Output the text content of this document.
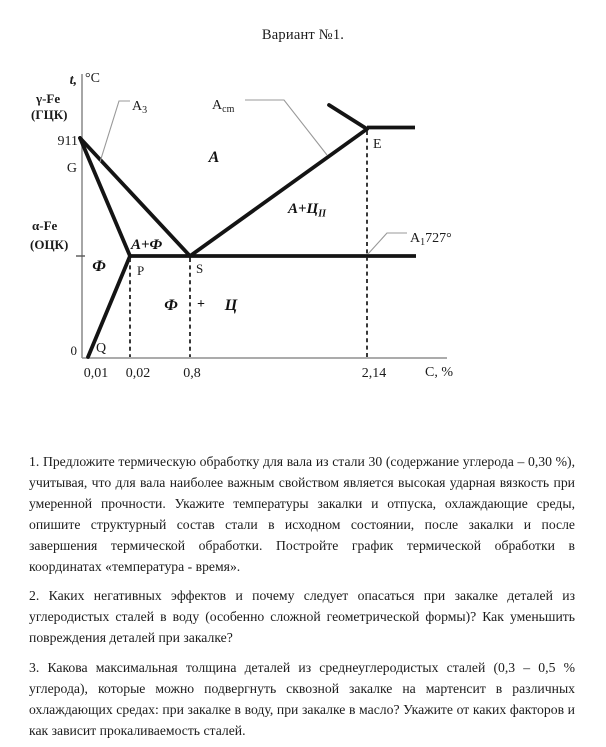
Вариант №1.
t, °C
γ-Fe
(ГЦК)
911
G
α-Fe
(ОЦК)
0
$A_3$	$A_{cm}$
$A_1727^\circ$
E
P	S
Q
А
А+Ф
Ф
$А+Ц_{II}$
Ф + Ц
0,01 0,02 0,8	2,14	C, %

1. Предложите термическую обработку для вала из стали 30 (содержание углерода – 0,30 %), учитывая, что для вала наиболее важным свойством является высокая ударная вязкость при умеренной прочности. Укажите температуры закалки и отпуска, охлаждающие среды, опишите структурный состав стали в исходном состоянии, после закалки и после завершения термической обработки. Постройте график термической обработки в координатах «температура - время».

2. Каких негативных эффектов и почему следует опасаться при закалке деталей из углеродистых сталей в воду (особенно сложной геометрической формы)? Как уменьшить повреждения деталей при закалке?

3. Какова максимальная толщина деталей из среднеуглеродистых сталей (0,3 – 0,5 % углерода), которые можно подвергнуть сквозной закалке на мартенсит в различных охлаждающих средах: при закалке в воду, при закалке в масло? Укажите от каких факторов и как зависит прокаливаемость сталей.
